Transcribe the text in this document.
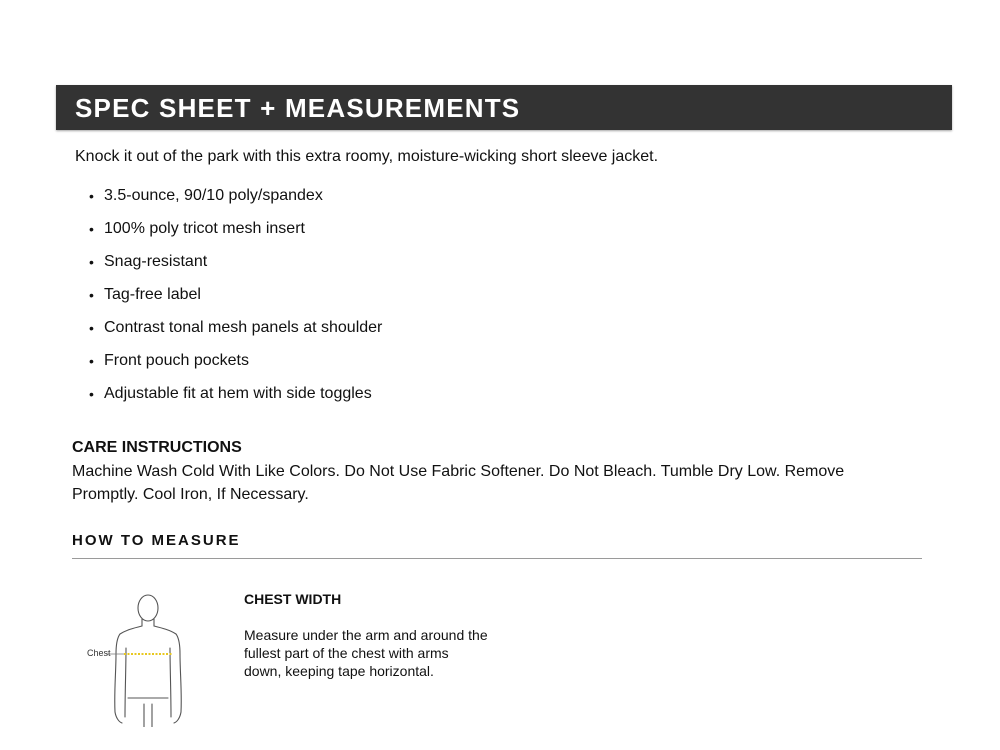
SPEC SHEET + MEASUREMENTS
Knock it out of the park with this extra roomy, moisture-wicking short sleeve jacket.
• 3.5-ounce, 90/10 poly/spandex
• 100% poly tricot mesh insert
• Snag-resistant
• Tag-free label
• Contrast tonal mesh panels at shoulder
• Front pouch pockets
• Adjustable fit at hem with side toggles
CARE INSTRUCTIONS
Machine Wash Cold With Like Colors. Do Not Use Fabric Softener. Do Not Bleach. Tumble Dry Low. Remove Promptly. Cool Iron, If Necessary.
HOW TO MEASURE
Chest
CHEST WIDTH
Measure under the arm and around the fullest part of the chest with arms down, keeping tape horizontal.
